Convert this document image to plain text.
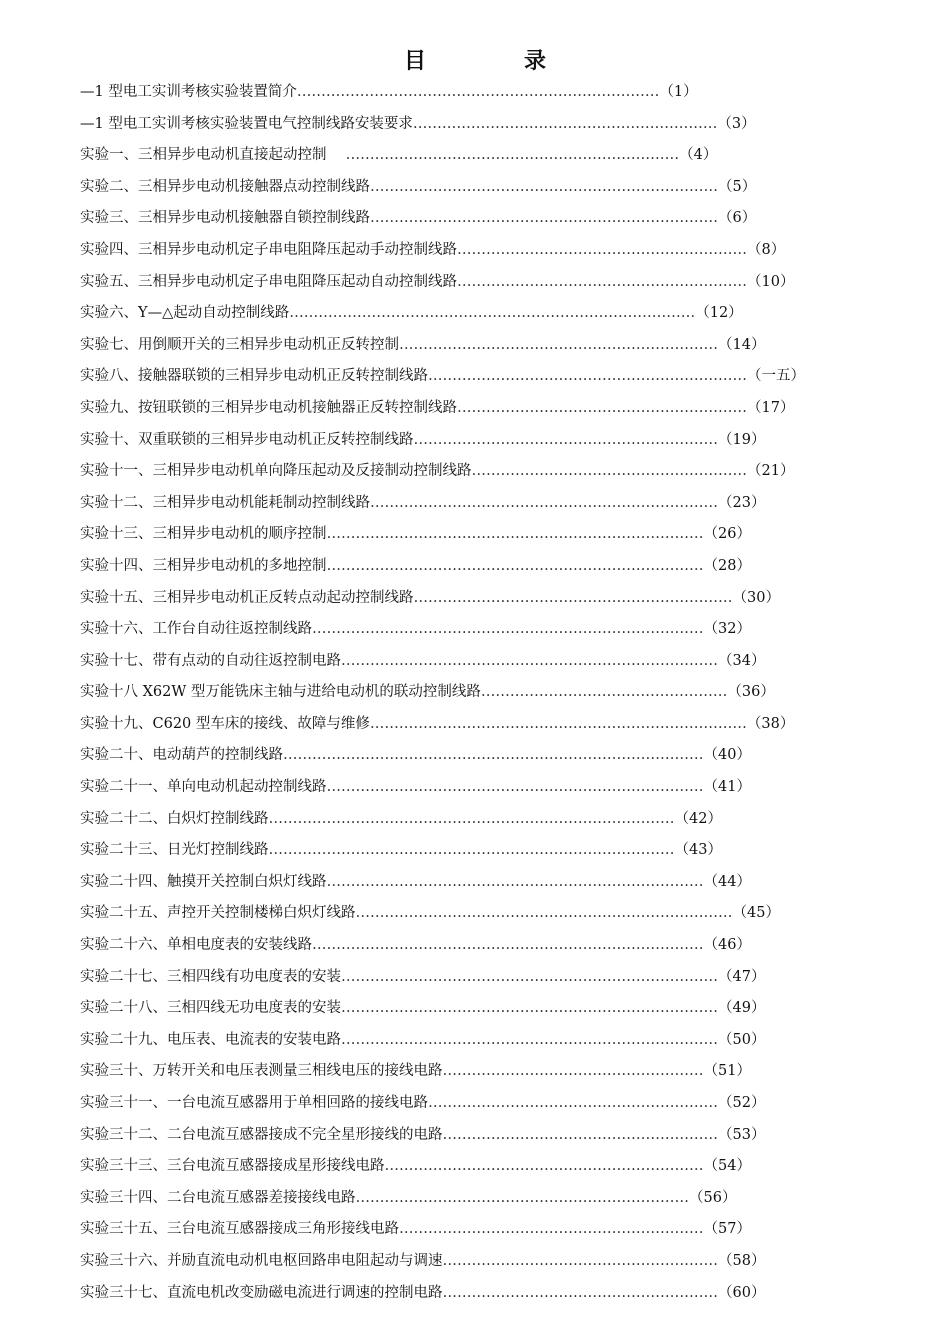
目	录
—1 型电工实训考核实验装置简介…………………………………………………………………（1）
—1 型电工实训考核实验装置电气控制线路安装要求………………………………………………………（3）
实验一、三相异步电动机直接起动控制　 ……………………………………………………………（4）
实验二、三相异步电动机接触器点动控制线路………………………………………………………………（5）
实验三、三相异步电动机接触器自锁控制线路………………………………………………………………（6）
实验四、三相异步电动机定子串电阻降压起动手动控制线路……………………………………………………（8）
实验五、三相异步电动机定子串电阻降压起动自动控制线路……………………………………………………（10）
实验六、Y—△起动自动控制线路…………………………………………………………………………（12）
实验七、用倒顺开关的三相异步电动机正反转控制…………………………………………………………（14）
实验八、接触器联锁的三相异步电动机正反转控制线路…………………………………………………………（一五）
实验九、按钮联锁的三相异步电动机接触器正反转控制线路……………………………………………………（17）
实验十、双重联锁的三相异步电动机正反转控制线路………………………………………………………（19）
实验十一、三相异步电动机单向降压起动及反接制动控制线路…………………………………………………（21）
实验十二、三相异步电动机能耗制动控制线路………………………………………………………………（23）
实验十三、三相异步电动机的顺序控制……………………………………………………………………（26）
实验十四、三相异步电动机的多地控制……………………………………………………………………（28）
实验十五、三相异步电动机正反转点动起动控制线路…………………………………………………………（30）
实验十六、工作台自动往返控制线路………………………………………………………………………（32）
实验十七、带有点动的自动往返控制电路……………………………………………………………………（34）
实验十八 X62W 型万能铣床主轴与进给电动机的联动控制线路……………………………………………（36）
实验十九、C620 型车床的接线、故障与维修……………………………………………………………………（38）
实验二十、电动葫芦的控制线路……………………………………………………………………………（40）
实验二十一、单向电动机起动控制线路……………………………………………………………………（41）
实验二十二、白炽灯控制线路…………………………………………………………………………（42）
实验二十三、日光灯控制线路…………………………………………………………………………（43）
实验二十四、触摸开关控制白炽灯线路……………………………………………………………………（44）
实验二十五、声控开关控制楼梯白炽灯线路……………………………………………………………………（45）
实验二十六、单相电度表的安装线路………………………………………………………………………（46）
实验二十七、三相四线有功电度表的安装……………………………………………………………………（47）
实验二十八、三相四线无功电度表的安装……………………………………………………………………（49）
实验二十九、电压表、电流表的安装电路……………………………………………………………………（50）
实验三十、万转开关和电压表测量三相线电压的接线电路………………………………………………（51）
实验三十一、一台电流互感器用于单相回路的接线电路……………………………………………………（52）
实验三十二、二台电流互感器接成不完全星形接线的电路…………………………………………………（53）
实验三十三、三台电流互感器接成星形接线电路…………………………………………………………（54）
实验三十四、二台电流互感器差接接线电路……………………………………………………………（56）
实验三十五、三台电流互感器接成三角形接线电路………………………………………………………（57）
实验三十六、并励直流电动机电枢回路串电阻起动与调速…………………………………………………（58）
实验三十七、直流电机改变励磁电流进行调速的控制电路…………………………………………………（60）
